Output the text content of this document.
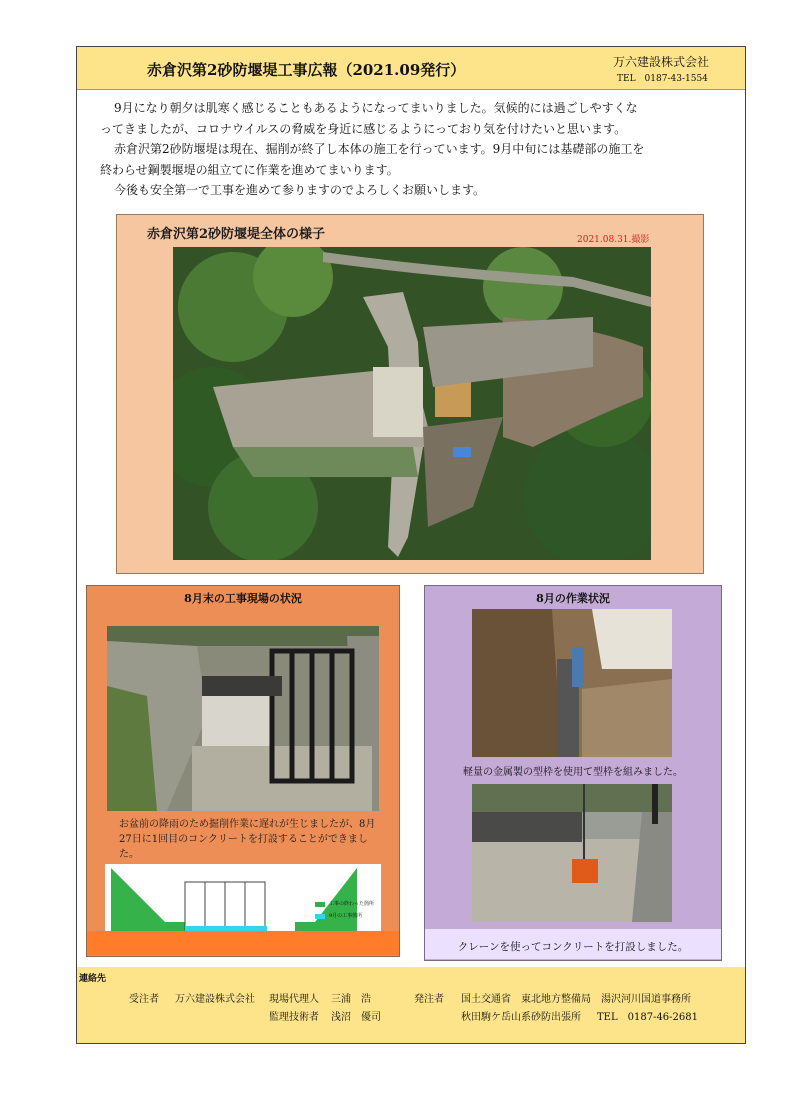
赤倉沢第2砂防堰堤工事広報（2021.09発行）	万六建設株式会社
TEL　0187-43-1554

9月になり朝夕は肌寒く感じることもあるようになってまいりました。気候的には過ごしやすくな

ってきましたが、コロナウイルスの脅威を身近に感じるようにっており気を付けたいと思います。

赤倉沢第2砂防堰堤は現在、掘削が終了し本体の施工を行っています。9月中旬には基礎部の施工を

終わらせ鋼製堰堤の組立てに作業を進めてまいります。

今後も安全第一で工事を進めて参りますのでよろしくお願いします。

赤倉沢第2砂防堰堤全体の様子	2021.08.31.撮影
8月末の工事現場の状況
お盆前の降雨のため掘削作業に遅れが生じましたが、8月27日に1回目のコンクリートを打設することができました。
工事の終わった箇所
9月の工事箇所
8月の作業状況
軽量の金属製の型枠を使用て型枠を組みました。
クレーンを使ってコンクリートを打設しました。
連絡先
受注者 万六建設株式会社 現場代理人 三浦　浩
監理技術者 浅沼　優司
発注者 国土交通省　東北地方整備局　湯沢河川国道事務所
秋田駒ケ岳山系砂防出張所 TEL　0187-46-2681
